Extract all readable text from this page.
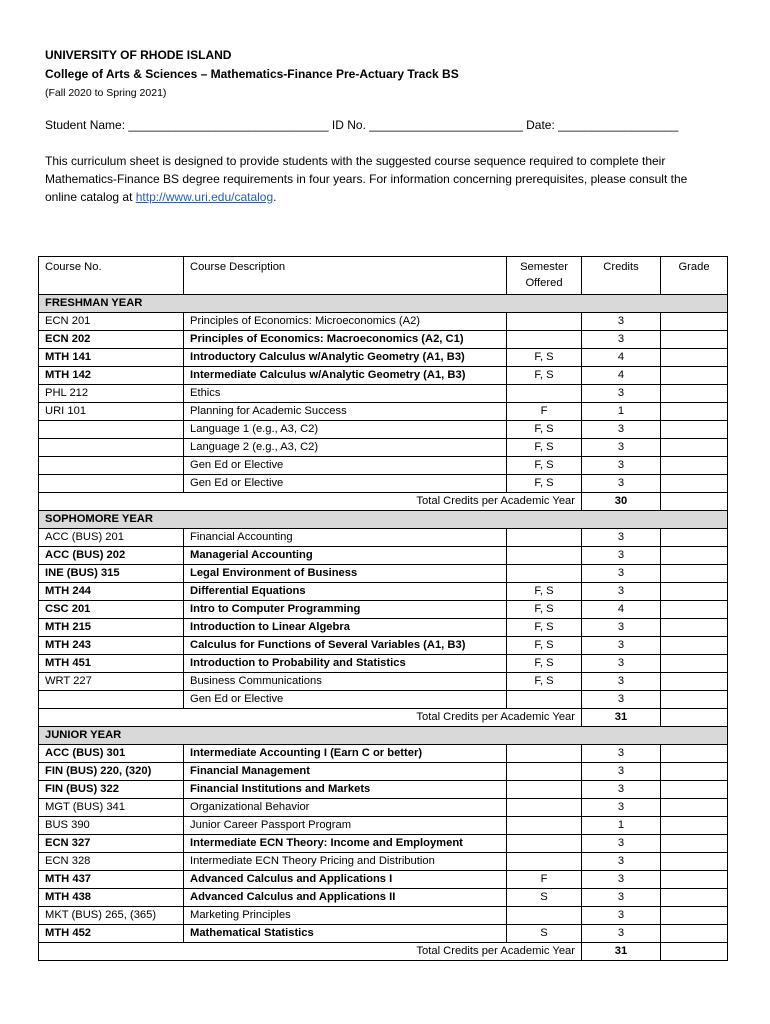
UNIVERSITY OF RHODE ISLAND
College of Arts & Sciences – Mathematics-Finance Pre-Actuary Track BS
(Fall 2020 to Spring 2021)
Student Name: ______________________________ ID No. _______________________ Date: __________________
This curriculum sheet is designed to provide students with the suggested course sequence required to complete their Mathematics-Finance BS degree requirements in four years. For information concerning prerequisites, please consult the online catalog at http://www.uri.edu/catalog.
Course No.	Course Description	Semester Offered	Credits	Grade
FRESHMAN YEAR				
ECN 201	Principles of Economics: Microeconomics (A2)		3	
ECN 202	Principles of Economics: Macroeconomics (A2, C1)		3	
MTH 141	Introductory Calculus w/Analytic Geometry (A1, B3)	F, S	4	
MTH 142	Intermediate Calculus w/Analytic Geometry (A1, B3)	F, S	4	
PHL 212	Ethics		3	
URI 101	Planning for Academic Success	F	1	
	Language 1 (e.g., A3, C2)	F, S	3	
	Language 2 (e.g., A3, C2)	F, S	3	
	Gen Ed or Elective	F, S	3	
	Gen Ed or Elective	F, S	3	
Total Credits per Academic Year			30	
SOPHOMORE YEAR				
ACC (BUS) 201	Financial Accounting		3	
ACC (BUS) 202	Managerial Accounting		3	
INE (BUS) 315	Legal Environment of Business		3	
MTH 244	Differential Equations	F, S	3	
CSC 201	Intro to Computer Programming	F, S	4	
MTH 215	Introduction to Linear Algebra	F, S	3	
MTH 243	Calculus for Functions of Several Variables (A1, B3)	F, S	3	
MTH 451	Introduction to Probability and Statistics	F, S	3	
WRT 227	Business Communications	F, S	3	
	Gen Ed or Elective		3	
Total Credits per Academic Year			31	
JUNIOR YEAR				
ACC (BUS) 301	Intermediate Accounting I (Earn C or better)		3	
FIN (BUS) 220, (320)	Financial Management		3	
FIN (BUS) 322	Financial Institutions and Markets		3	
MGT (BUS) 341	Organizational Behavior		3	
BUS 390	Junior Career Passport Program		1	
ECN 327	Intermediate ECN Theory: Income and Employment		3	
ECN 328	Intermediate ECN Theory Pricing and Distribution		3	
MTH 437	Advanced Calculus and Applications I	F	3	
MTH 438	Advanced Calculus and Applications II	S	3	
MKT (BUS) 265, (365)	Marketing Principles		3	
MTH 452	Mathematical Statistics	S	3	
Total Credits per Academic Year			31	
